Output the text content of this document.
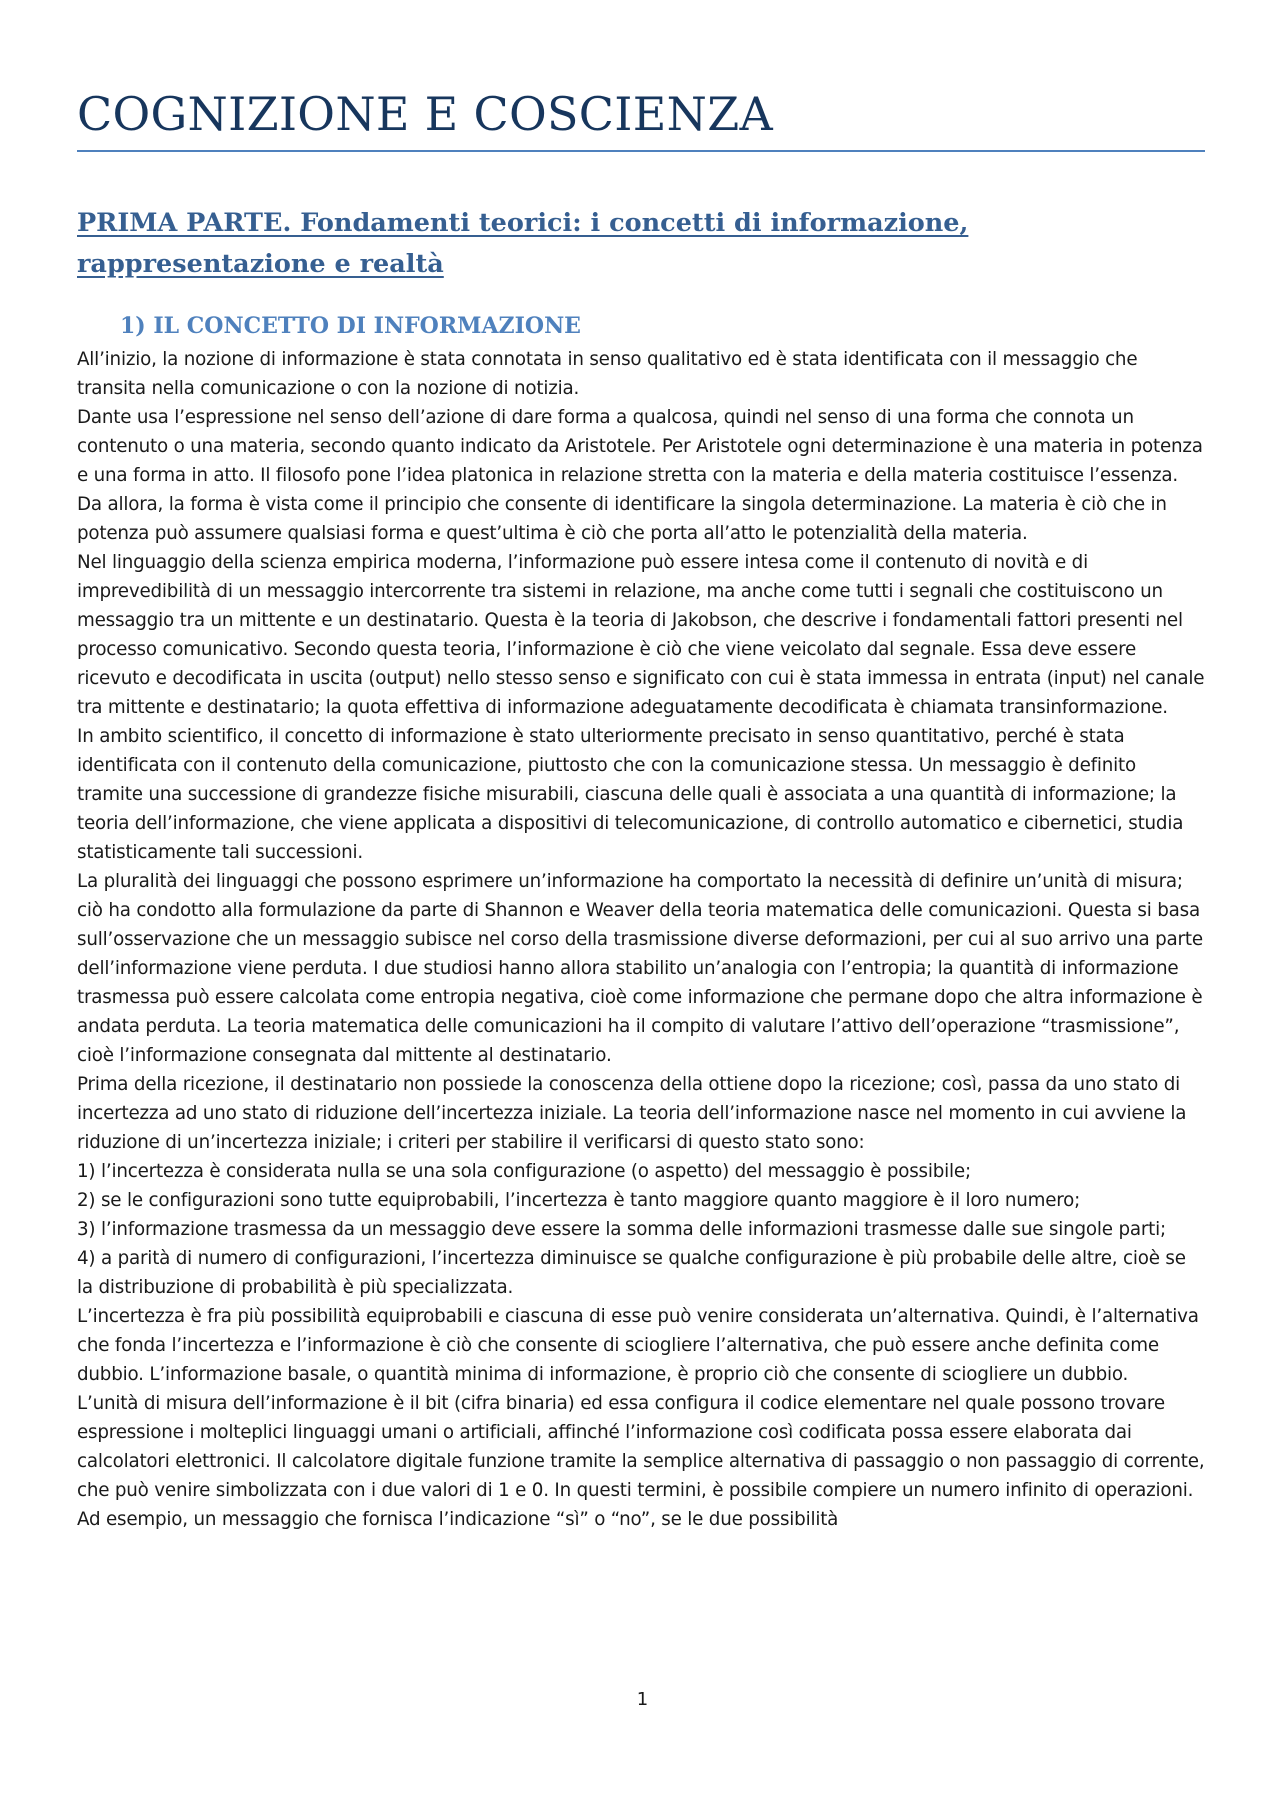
COGNIZIONE E COSCIENZA
PRIMA PARTE. Fondamenti teorici: i concetti di informazione, rappresentazione e realtà
1) IL CONCETTO DI INFORMAZIONE

All’inizio, la nozione di informazione è stata connotata in senso qualitativo ed è stata identificata con il messaggio che transita nella comunicazione o con la nozione di notizia.

Dante usa l’espressione nel senso dell’azione di dare forma a qualcosa, quindi nel senso di una forma che connota un contenuto o una materia, secondo quanto indicato da Aristotele. Per Aristotele ogni determinazione è una materia in potenza e una forma in atto. Il filosofo pone l’idea platonica in relazione stretta con la materia e della materia costituisce l’essenza. Da allora, la forma è vista come il principio che consente di identificare la singola determinazione. La materia è ciò che in potenza può assumere qualsiasi forma e quest’ultima è ciò che porta all’atto le potenzialità della materia.

Nel linguaggio della scienza empirica moderna, l’informazione può essere intesa come il contenuto di novità e di imprevedibilità di un messaggio intercorrente tra sistemi in relazione, ma anche come tutti i segnali che costituiscono un messaggio tra un mittente e un destinatario. Questa è la teoria di Jakobson, che descrive i fondamentali fattori presenti nel processo comunicativo. Secondo questa teoria, l’informazione è ciò che viene veicolato dal segnale. Essa deve essere ricevuto e decodificata in uscita (output) nello stesso senso e significato con cui è stata immessa in entrata (input) nel canale tra mittente e destinatario; la quota effettiva di informazione adeguatamente decodificata è chiamata transinformazione.

In ambito scientifico, il concetto di informazione è stato ulteriormente precisato in senso quantitativo, perché è stata identificata con il contenuto della comunicazione, piuttosto che con la comunicazione stessa. Un messaggio è definito tramite una successione di grandezze fisiche misurabili, ciascuna delle quali è associata a una quantità di informazione; la teoria dell’informazione, che viene applicata a dispositivi di telecomunicazione, di controllo automatico e cibernetici, studia statisticamente tali successioni.

La pluralità dei linguaggi che possono esprimere un’informazione ha comportato la necessità di definire un’unità di misura; ciò ha condotto alla formulazione da parte di Shannon e Weaver della teoria matematica delle comunicazioni. Questa si basa sull’osservazione che un messaggio subisce nel corso della trasmissione diverse deformazioni, per cui al suo arrivo una parte dell’informazione viene perduta. I due studiosi hanno allora stabilito un’analogia con l’entropia; la quantità di informazione trasmessa può essere calcolata come entropia negativa, cioè come informazione che permane dopo che altra informazione è andata perduta. La teoria matematica delle comunicazioni ha il compito di valutare l’attivo dell’operazione “trasmissione”, cioè l’informazione consegnata dal mittente al destinatario.

Prima della ricezione, il destinatario non possiede la conoscenza della ottiene dopo la ricezione; così, passa da uno stato di incertezza ad uno stato di riduzione dell’incertezza iniziale. La teoria dell’informazione nasce nel momento in cui avviene la riduzione di un’incertezza iniziale; i criteri per stabilire il verificarsi di questo stato sono:

1) l’incertezza è considerata nulla se una sola configurazione (o aspetto) del messaggio è possibile;

2) se le configurazioni sono tutte equiprobabili, l’incertezza è tanto maggiore quanto maggiore è il loro numero;

3) l’informazione trasmessa da un messaggio deve essere la somma delle informazioni trasmesse dalle sue singole parti;

4) a parità di numero di configurazioni, l’incertezza diminuisce se qualche configurazione è più probabile delle altre, cioè se la distribuzione di probabilità è più specializzata.

L’incertezza è fra più possibilità equiprobabili e ciascuna di esse può venire considerata un’alternativa. Quindi, è l’alternativa che fonda l’incertezza e l’informazione è ciò che consente di sciogliere l’alternativa, che può essere anche definita come dubbio. L’informazione basale, o quantità minima di informazione, è proprio ciò che consente di sciogliere un dubbio.

L’unità di misura dell’informazione è il bit (cifra binaria) ed essa configura il codice elementare nel quale possono trovare espressione i molteplici linguaggi umani o artificiali, affinché l’informazione così codificata possa essere elaborata dai calcolatori elettronici. Il calcolatore digitale funzione tramite la semplice alternativa di passaggio o non passaggio di corrente, che può venire simbolizzata con i due valori di 1 e 0. In questi termini, è possibile compiere un numero infinito di operazioni. Ad esempio, un messaggio che fornisca l’indicazione “sì” o “no”, se le due possibilità

1
